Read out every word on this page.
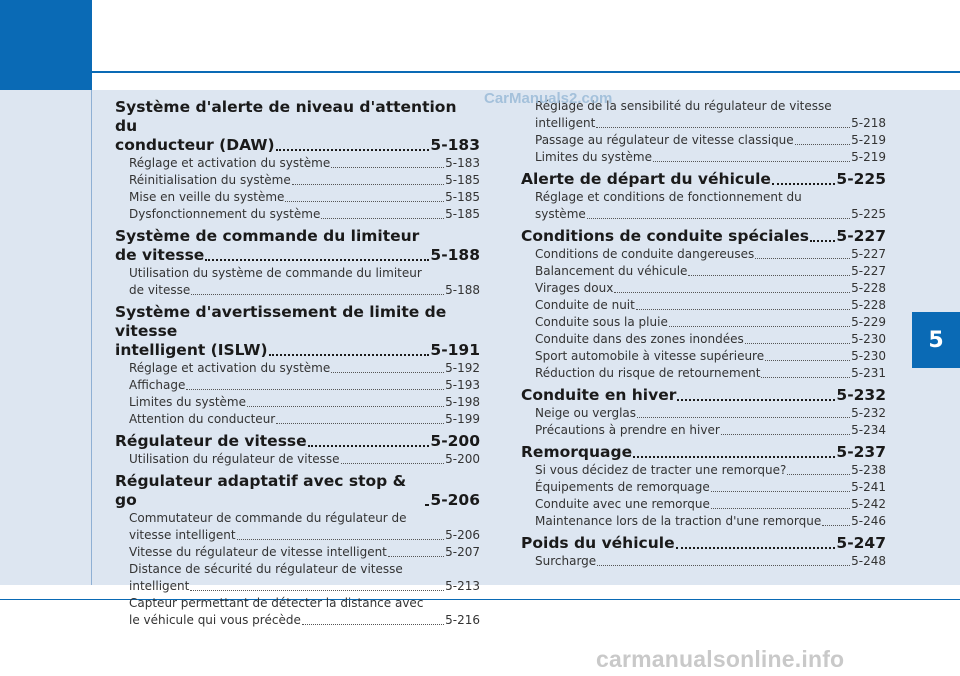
5
Système d'alerte de niveau d'attention du
conducteur (DAW)	5-183
Réglage et activation du système	5-183
Réinitialisation du système	5-185
Mise en veille du système	5-185
Dysfonctionnement du système	5-185
Système de commande du limiteur
de vitesse	5-188
Utilisation du système de commande du limiteur
de vitesse	5-188
Système d'avertissement de limite de vitesse
intelligent (ISLW)	5-191
Réglage et activation du système	5-192
Affichage	5-193
Limites du système	5-198
Attention du conducteur	5-199
Régulateur de vitesse	5-200
Utilisation du régulateur de vitesse	5-200
Régulateur adaptatif avec stop & go	5-206
Commutateur de commande du régulateur de
vitesse intelligent	5-206
Vitesse du régulateur de vitesse intelligent	5-207
Distance de sécurité du régulateur de vitesse
intelligent	5-213
Capteur permettant de détecter la distance avec
le véhicule qui vous précède	5-216
Réglage de la sensibilité du régulateur de vitesse
intelligent	5-218
Passage au régulateur de vitesse classique	5-219
Limites du système	5-219
Alerte de départ du véhicule	5-225
Réglage et conditions de fonctionnement du
système	5-225
Conditions de conduite spéciales 5-227
Conditions de conduite dangereuses	5-227
Balancement du véhicule	5-227
Virages doux	5-228
Conduite de nuit	5-228
Conduite sous la pluie	5-229
Conduite dans des zones inondées	5-230
Sport automobile à vitesse supérieure	5-230
Réduction du risque de retournement	5-231
Conduite en hiver	5-232
Neige ou verglas	5-232
Précautions à prendre en hiver	5-234
Remorquage	5-237
Si vous décidez de tracter une remorque?	5-238
Équipements de remorquage	5-241
Conduite avec une remorque	5-242
Maintenance lors de la traction d'une remorque 5-246
Poids du véhicule	5-247
Surcharge	5-248
CarManuals2.com
carmanualsonline.info
